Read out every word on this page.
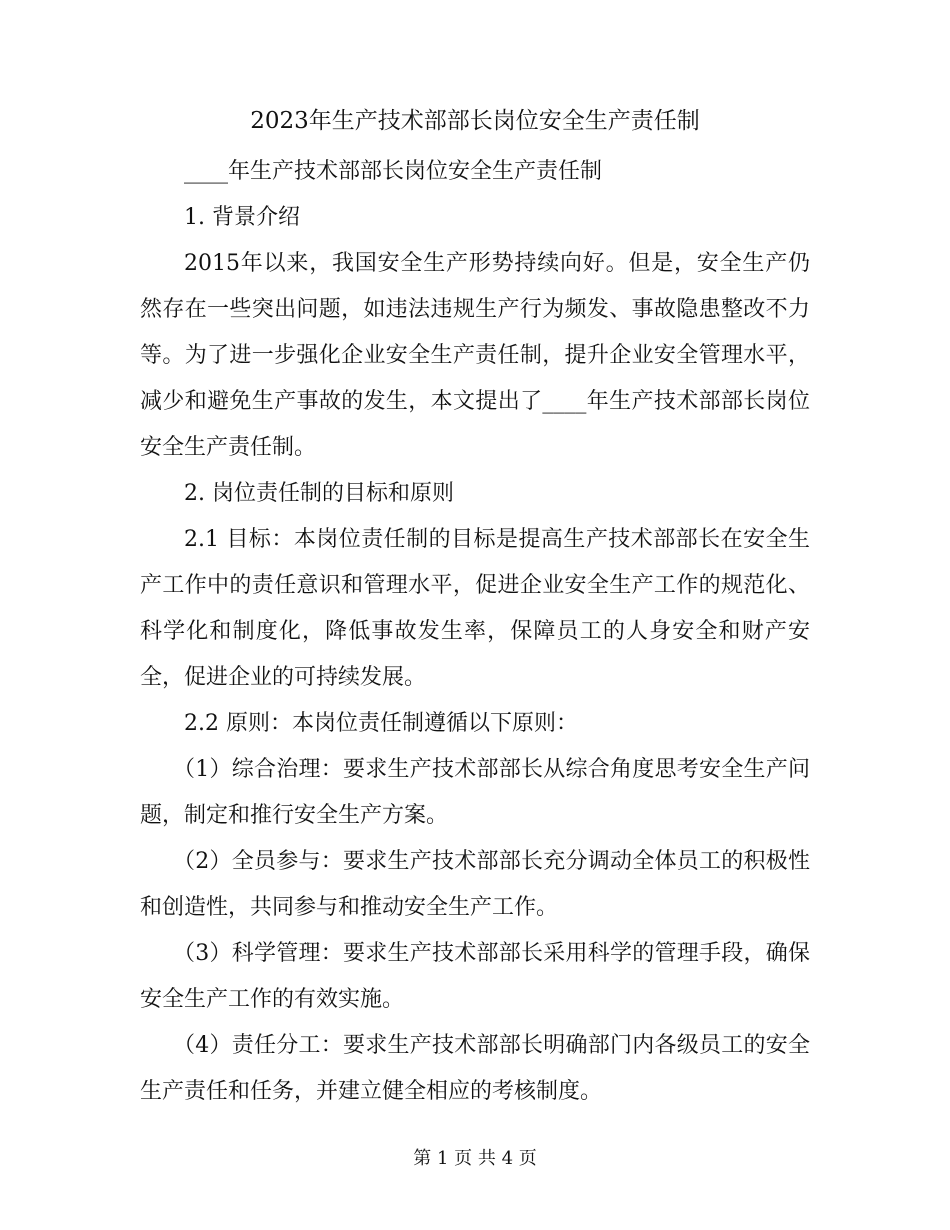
2023年生产技术部部长岗位安全生产责任制

____年生产技术部部长岗位安全生产责任制

1. 背景介绍

2015年以来，我国安全生产形势持续向好。但是，安全生产仍然存在一些突出问题，如违法违规生产行为频发、事故隐患整改不力等。为了进一步强化企业安全生产责任制，提升企业安全管理水平，减少和避免生产事故的发生，本文提出了____年生产技术部部长岗位安全生产责任制。

2. 岗位责任制的目标和原则

2.1 目标：本岗位责任制的目标是提高生产技术部部长在安全生产工作中的责任意识和管理水平，促进企业安全生产工作的规范化、科学化和制度化，降低事故发生率，保障员工的人身安全和财产安全，促进企业的可持续发展。

2.2 原则：本岗位责任制遵循以下原则：

（1）综合治理：要求生产技术部部长从综合角度思考安全生产问题，制定和推行安全生产方案。

（2）全员参与：要求生产技术部部长充分调动全体员工的积极性和创造性，共同参与和推动安全生产工作。

（3）科学管理：要求生产技术部部长采用科学的管理手段，确保安全生产工作的有效实施。

（4）责任分工：要求生产技术部部长明确部门内各级员工的安全生产责任和任务，并建立健全相应的考核制度。

第 1 页 共 4 页
